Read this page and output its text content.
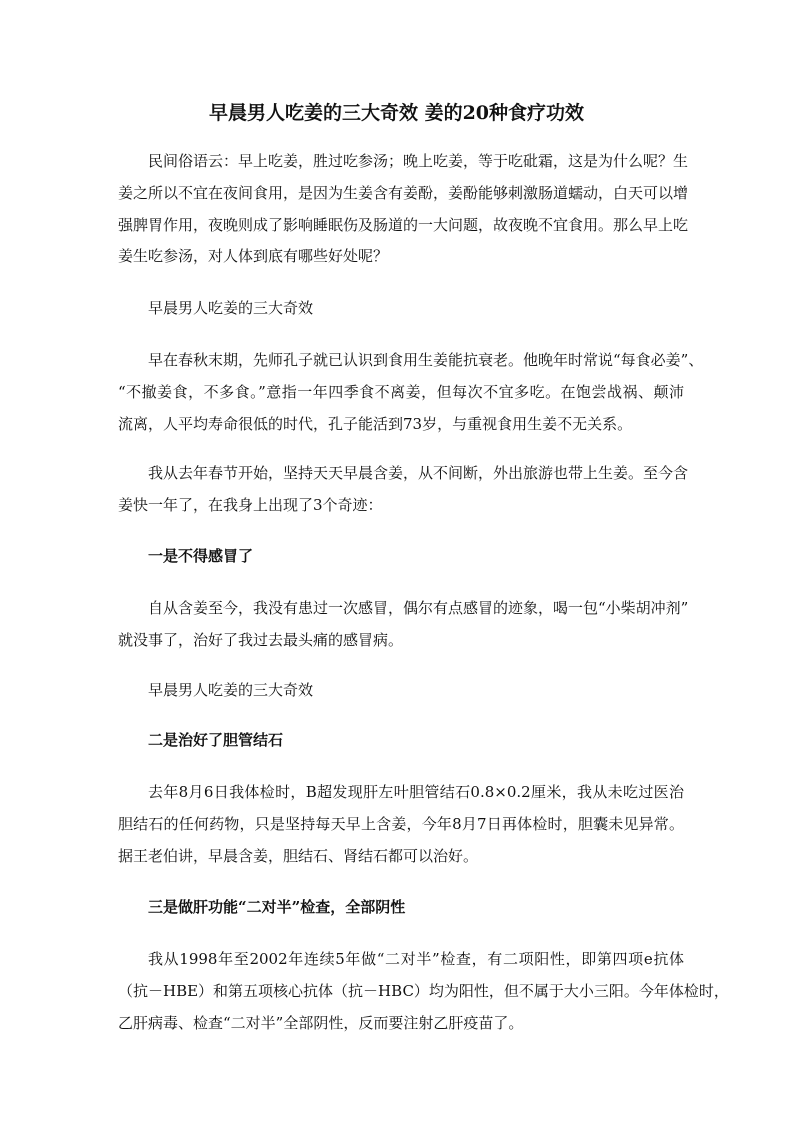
早晨男人吃姜的三大奇效 姜的20种食疗功效
民间俗语云：早上吃姜，胜过吃参汤；晚上吃姜，等于吃砒霜，这是为什么呢？生
姜之所以不宜在夜间食用，是因为生姜含有姜酚，姜酚能够刺激肠道蠕动，白天可以增
强脾胃作用，夜晚则成了影响睡眠伤及肠道的一大问题，故夜晚不宜食用。那么早上吃
姜生吃参汤，对人体到底有哪些好处呢？
早晨男人吃姜的三大奇效
早在春秋末期，先师孔子就已认识到食用生姜能抗衰老。他晚年时常说“每食必姜”、
“不撤姜食，不多食。”意指一年四季食不离姜，但每次不宜多吃。在饱尝战祸、颠沛
流离，人平均寿命很低的时代，孔子能活到73岁，与重视食用生姜不无关系。
我从去年春节开始，坚持天天早晨含姜，从不间断，外出旅游也带上生姜。至今含
姜快一年了，在我身上出现了3个奇迹：
一是不得感冒了
自从含姜至今，我没有患过一次感冒，偶尔有点感冒的迹象，喝一包“小柴胡冲剂”
就没事了，治好了我过去最头痛的感冒病。
早晨男人吃姜的三大奇效
二是治好了胆管结石
去年8月6日我体检时，B超发现肝左叶胆管结石0.8×0.2厘米，我从未吃过医治
胆结石的任何药物，只是坚持每天早上含姜，今年8月7日再体检时，胆囊未见异常。
据王老伯讲，早晨含姜，胆结石、肾结石都可以治好。
三是做肝功能“二对半”检查，全部阴性
我从1998年至2002年连续5年做“二对半”检查，有二项阳性，即第四项e抗体
（抗－HBE）和第五项核心抗体（抗－HBC）均为阳性，但不属于大小三阳。今年体检时，
乙肝病毒、检查“二对半”全部阴性，反而要注射乙肝疫苗了。
